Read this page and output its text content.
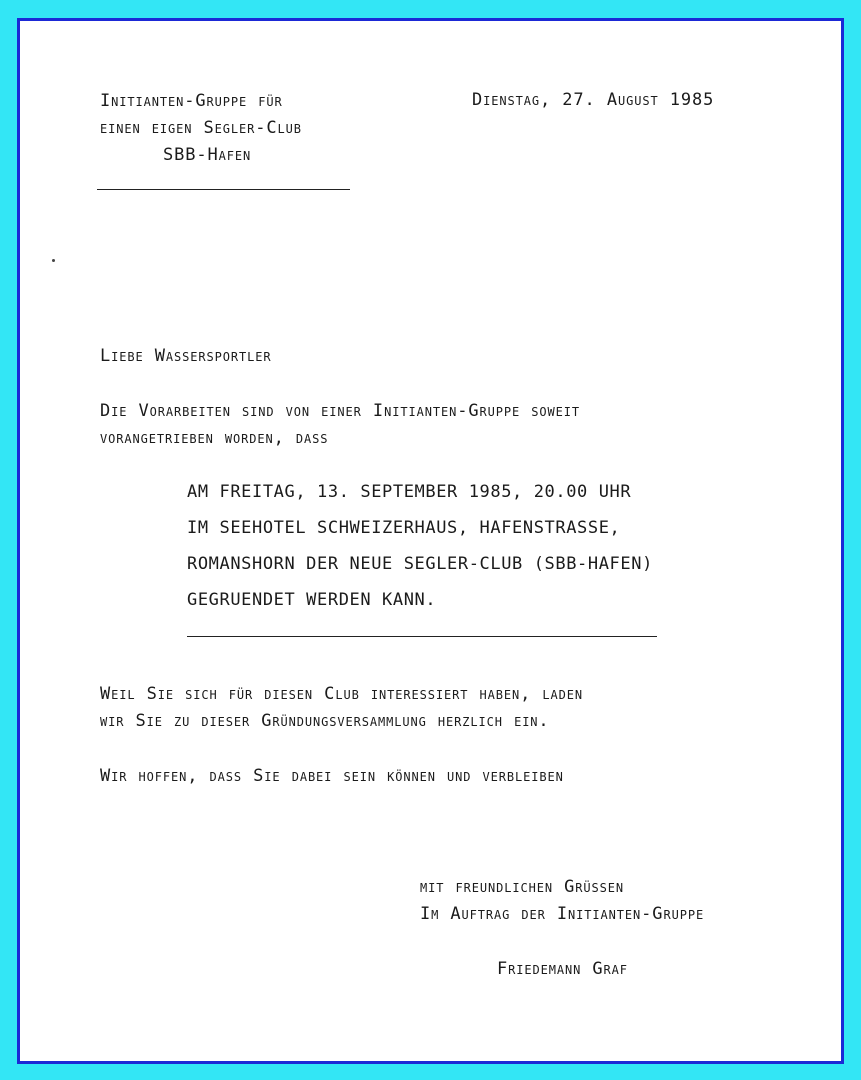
Initianten-Gruppe für
einen eigen Segler-Club
SBB-Hafen
Dienstag, 27. August 1985
Liebe Wassersportler
Die Vorarbeiten sind von einer Initianten-Gruppe soweit
vorangetrieben worden, dass
AM FREITAG, 13. SEPTEMBER 1985, 20.00 UHR
IM SEEHOTEL SCHWEIZERHAUS, HAFENSTRASSE,
ROMANSHORN DER NEUE SEGLER-CLUB (SBB-HAFEN)
GEGRUENDET WERDEN KANN.
Weil Sie sich für diesen Club interessiert haben, laden
wir Sie zu dieser Gründungsversammlung herzlich ein.
Wir hoffen, dass Sie dabei sein können und verbleiben
mit freundlichen Grüssen
Im Auftrag der Initianten-Gruppe
Friedemann Graf
